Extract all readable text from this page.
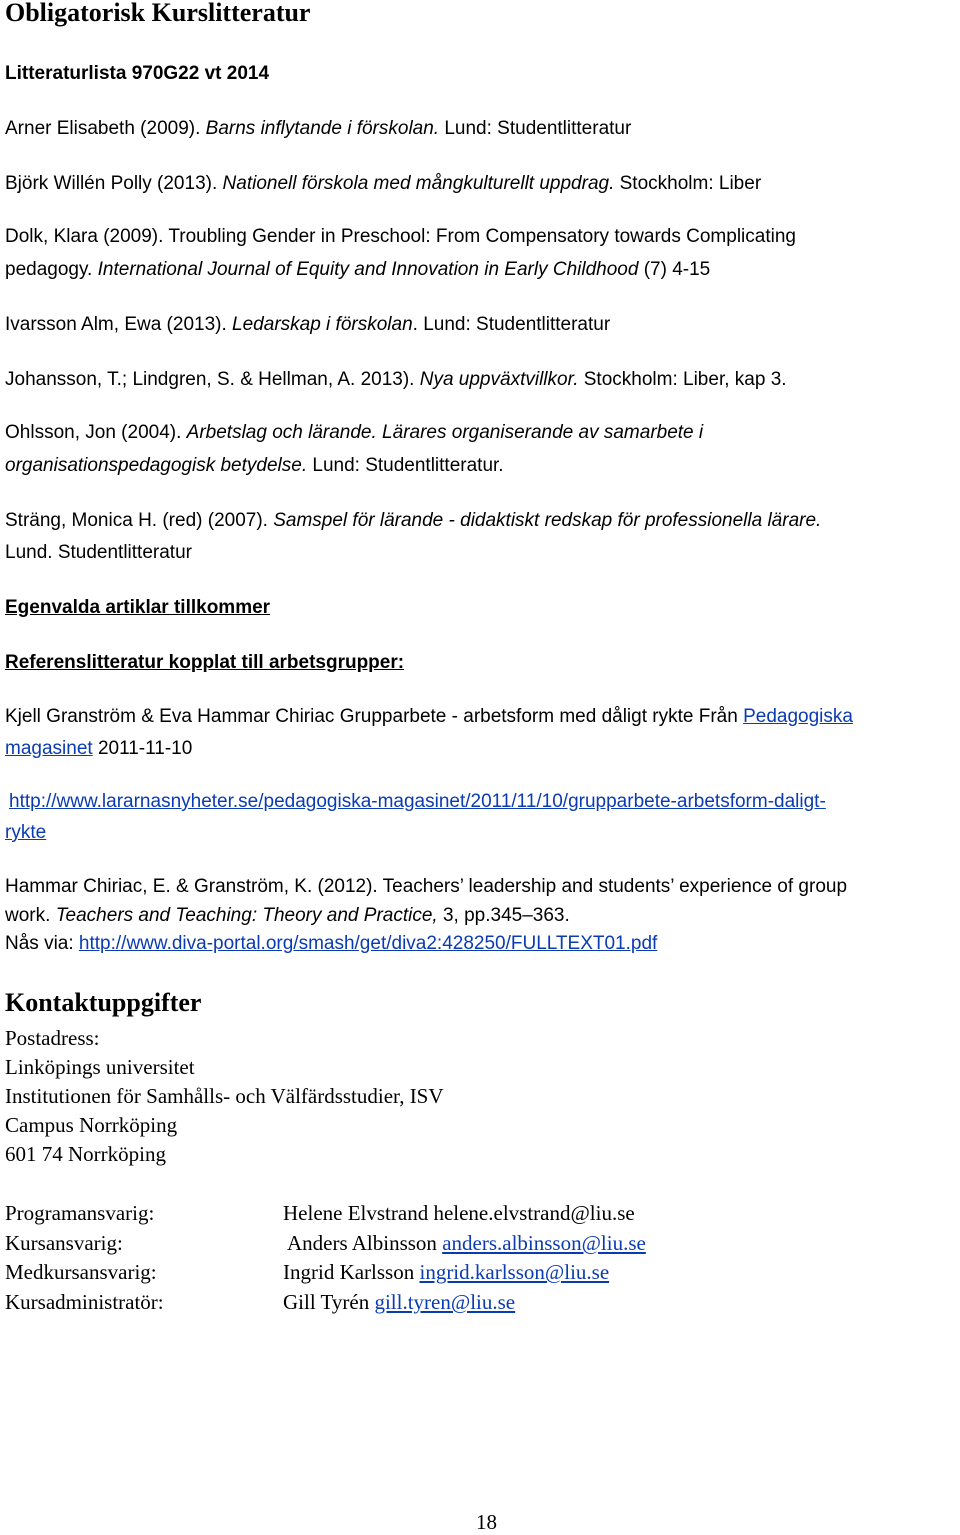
Obligatorisk Kurslitteratur
Litteraturlista 970G22 vt 2014
Arner Elisabeth (2009). Barns inflytande i förskolan. Lund: Studentlitteratur
Björk Willén Polly (2013). Nationell förskola med mångkulturellt uppdrag. Stockholm: Liber
Dolk, Klara (2009). Troubling Gender in Preschool: From Compensatory towards Complicating
pedagogy. International Journal of Equity and Innovation in Early Childhood (7) 4-15
Ivarsson Alm, Ewa (2013). Ledarskap i förskolan. Lund: Studentlitteratur
Johansson, T.; Lindgren, S. & Hellman, A. 2013). Nya uppväxtvillkor. Stockholm: Liber, kap 3.
Ohlsson, Jon (2004). Arbetslag och lärande. Lärares organiserande av samarbete i
organisationspedagogisk betydelse. Lund: Studentlitteratur.
Sträng, Monica H. (red) (2007). Samspel för lärande - didaktiskt redskap för professionella lärare.
Lund. Studentlitteratur
Egenvalda artiklar tillkommer
Referenslitteratur kopplat till arbetsgrupper:
Kjell Granström & Eva Hammar Chiriac Grupparbete - arbetsform med dåligt rykte Från Pedagogiska
magasinet 2011-11-10
http://www.lararnasnyheter.se/pedagogiska-magasinet/2011/11/10/grupparbete-arbetsform-daligt-
rykte
Hammar Chiriac, E. & Granström, K. (2012). Teachers’ leadership and students’ experience of group
work. Teachers and Teaching: Theory and Practice, 3, pp.345–363.
Nås via: http://www.diva-portal.org/smash/get/diva2:428250/FULLTEXT01.pdf
Kontaktuppgifter
Postadress:
Linköpings universitet
Institutionen för Samhålls- och Välfärdsstudier, ISV
Campus Norrköping
601 74 Norrköping
Programansvarig:	Helene Elvstrand helene.elvstrand@liu.se
Kursansvarig:	Anders Albinsson anders.albinsson@liu.se
Medkursansvarig:	Ingrid Karlsson ingrid.karlsson@liu.se
Kursadministratör:	Gill Tyrén gill.tyren@liu.se
18
